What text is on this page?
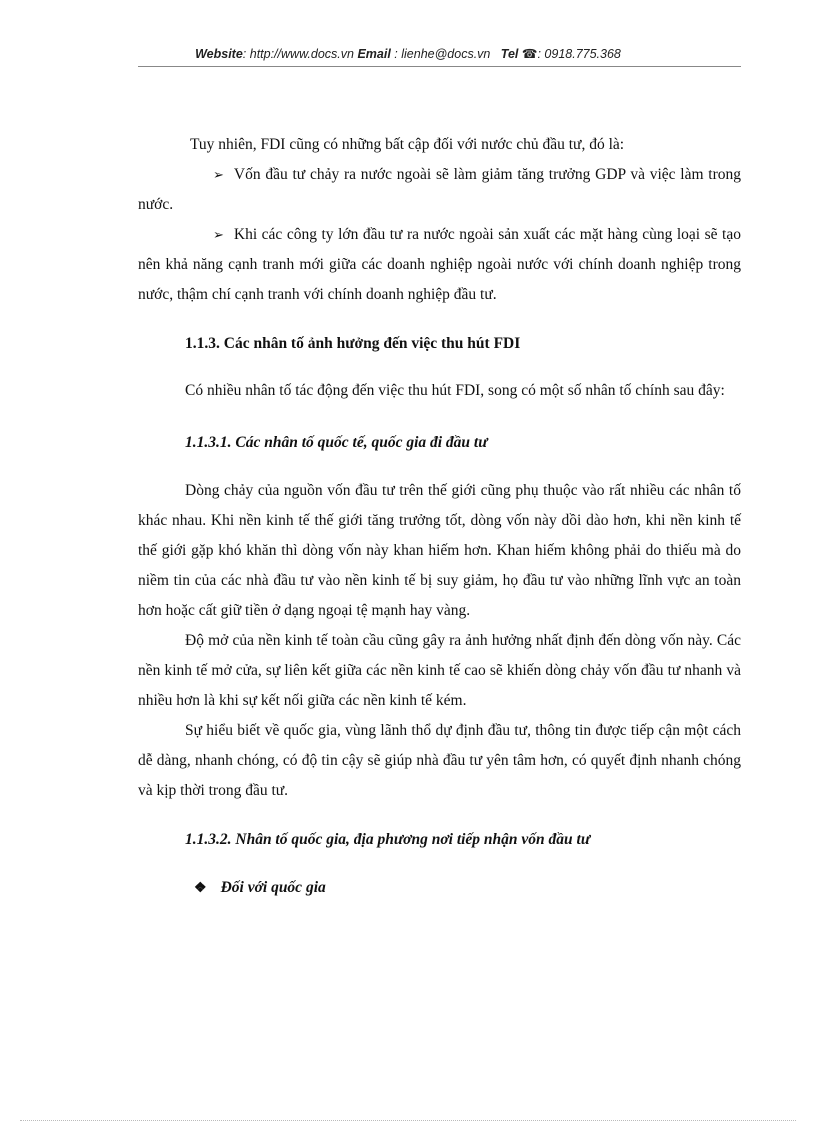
Website: http://www.docs.vn Email : lienhe@docs.vn Tel ☎: 0918.775.368

Tuy nhiên, FDI cũng có những bất cập đối với nước chủ đầu tư, đó là:

➢ Vốn đầu tư chảy ra nước ngoài sẽ làm giảm tăng trưởng GDP và việc làm trong nước.

➢ Khi các công ty lớn đầu tư ra nước ngoài sản xuất các mặt hàng cùng loại sẽ tạo nên khả năng cạnh tranh mới giữa các doanh nghiệp ngoài nước với chính doanh nghiệp trong nước, thậm chí cạnh tranh với chính doanh nghiệp đầu tư.

1.1.3. Các nhân tố ảnh hưởng đến việc thu hút FDI

Có nhiều nhân tố tác động đến việc thu hút FDI, song có một số nhân tố chính sau đây:

1.1.3.1. Các nhân tố quốc tế, quốc gia đi đầu tư

Dòng chảy của nguồn vốn đầu tư trên thế giới cũng phụ thuộc vào rất nhiều các nhân tố khác nhau. Khi nền kinh tế thế giới tăng trưởng tốt, dòng vốn này dồi dào hơn, khi nền kinh tế thế giới gặp khó khăn thì dòng vốn này khan hiếm hơn. Khan hiếm không phải do thiếu mà do niềm tin của các nhà đầu tư vào nền kinh tế bị suy giảm, họ đầu tư vào những lĩnh vực an toàn hơn hoặc cất giữ tiền ở dạng ngoại tệ mạnh hay vàng.

Độ mở của nền kinh tế toàn cầu cũng gây ra ảnh hưởng nhất định đến dòng vốn này. Các nền kinh tế mở cửa, sự liên kết giữa các nền kinh tế cao sẽ khiến dòng chảy vốn đầu tư nhanh và nhiều hơn là khi sự kết nối giữa các nền kinh tế kém.

Sự hiểu biết về quốc gia, vùng lãnh thổ dự định đầu tư, thông tin được tiếp cận một cách dễ dàng, nhanh chóng, có độ tin cậy sẽ giúp nhà đầu tư yên tâm hơn, có quyết định nhanh chóng và kịp thời trong đầu tư.

1.1.3.2. Nhân tố quốc gia, địa phương nơi tiếp nhận vốn đầu tư

❖ Đối với quốc gia
